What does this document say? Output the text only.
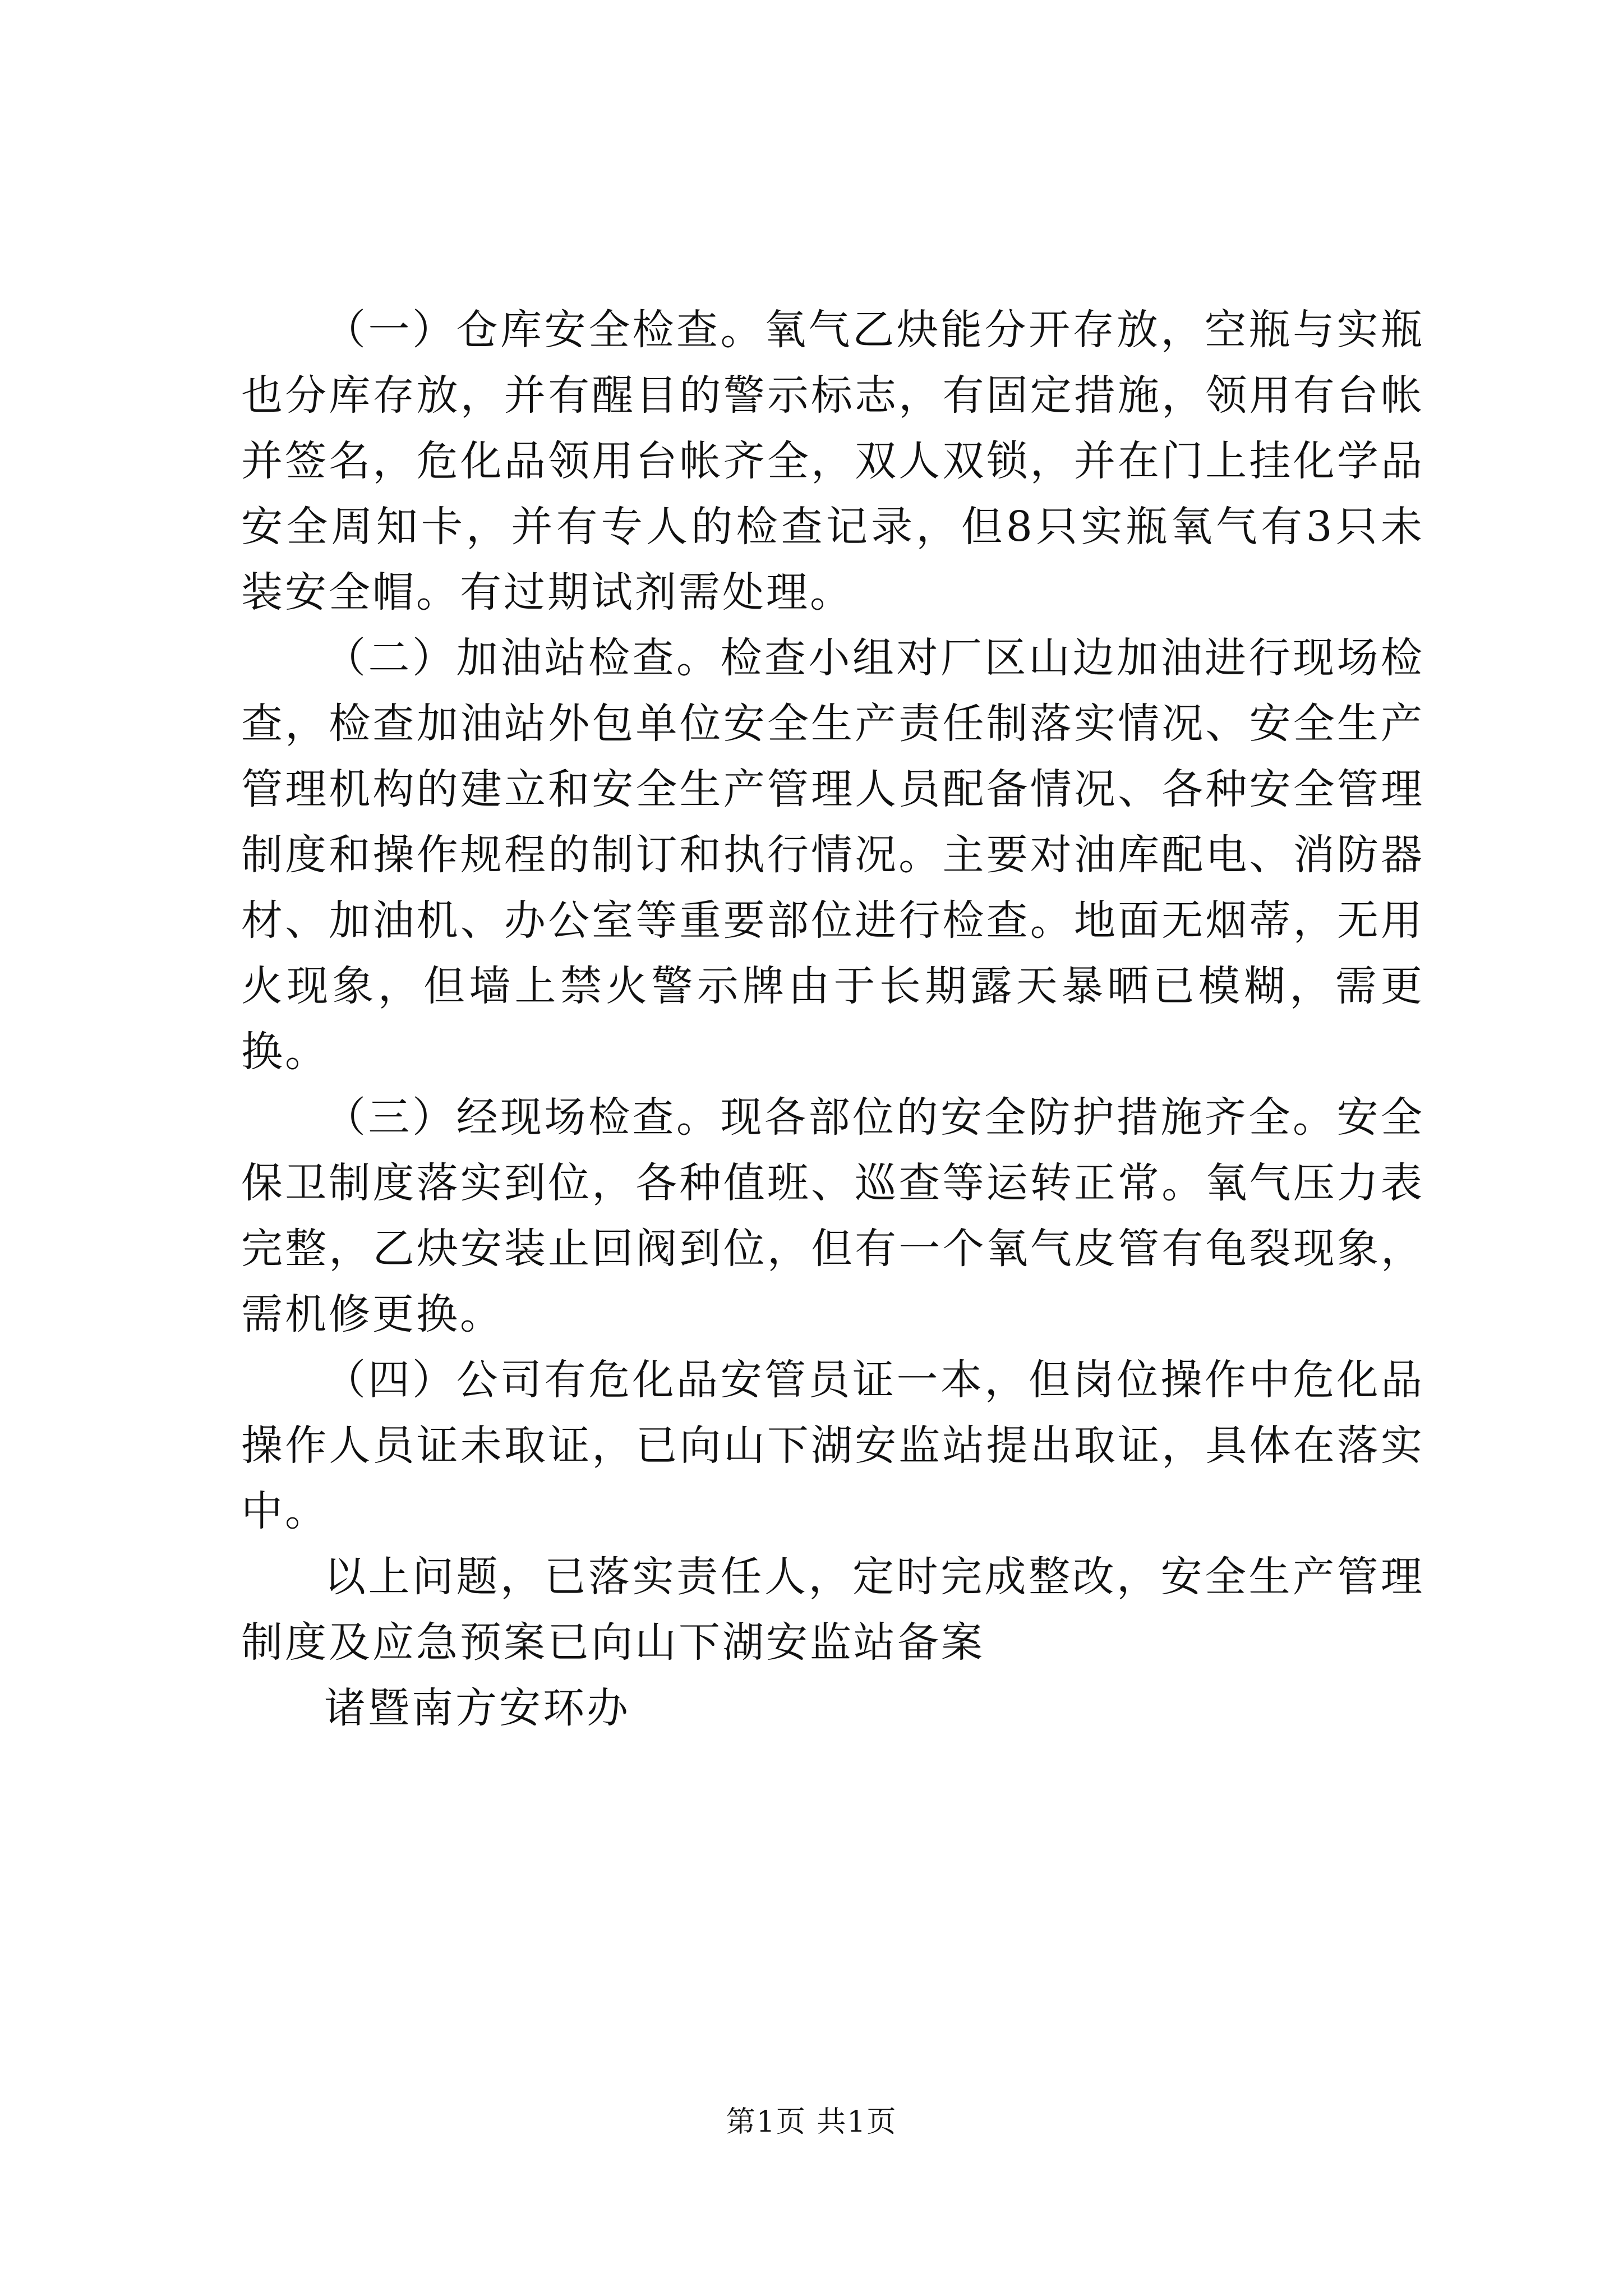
（一）仓库安全检查。氧气乙炔能分开存放，空瓶与实瓶也分库存放，并有醒目的警示标志，有固定措施，领用有台帐并签名，危化品领用台帐齐全，双人双锁，并在门上挂化学品安全周知卡，并有专人的检查记录，但8只实瓶氧气有3只未装安全帽。有过期试剂需处理。

（二）加油站检查。检查小组对厂区山边加油进行现场检查，检查加油站外包单位安全生产责任制落实情况、安全生产管理机构的建立和安全生产管理人员配备情况、各种安全管理制度和操作规程的制订和执行情况。主要对油库配电、消防器材、加油机、办公室等重要部位进行检查。地面无烟蒂，无用火现象，但墙上禁火警示牌由于长期露天暴晒已模糊，需更换。

（三）经现场检查。现各部位的安全防护措施齐全。安全保卫制度落实到位，各种值班、巡查等运转正常。氧气压力表完整，乙炔安装止回阀到位，但有一个氧气皮管有龟裂现象，需机修更换。

（四）公司有危化品安管员证一本，但岗位操作中危化品操作人员证未取证，已向山下湖安监站提出取证，具体在落实中。

以上问题，已落实责任人，定时完成整改，安全生产管理制度及应急预案已向山下湖安监站备案

诸暨南方安环办

第1页 共1页
